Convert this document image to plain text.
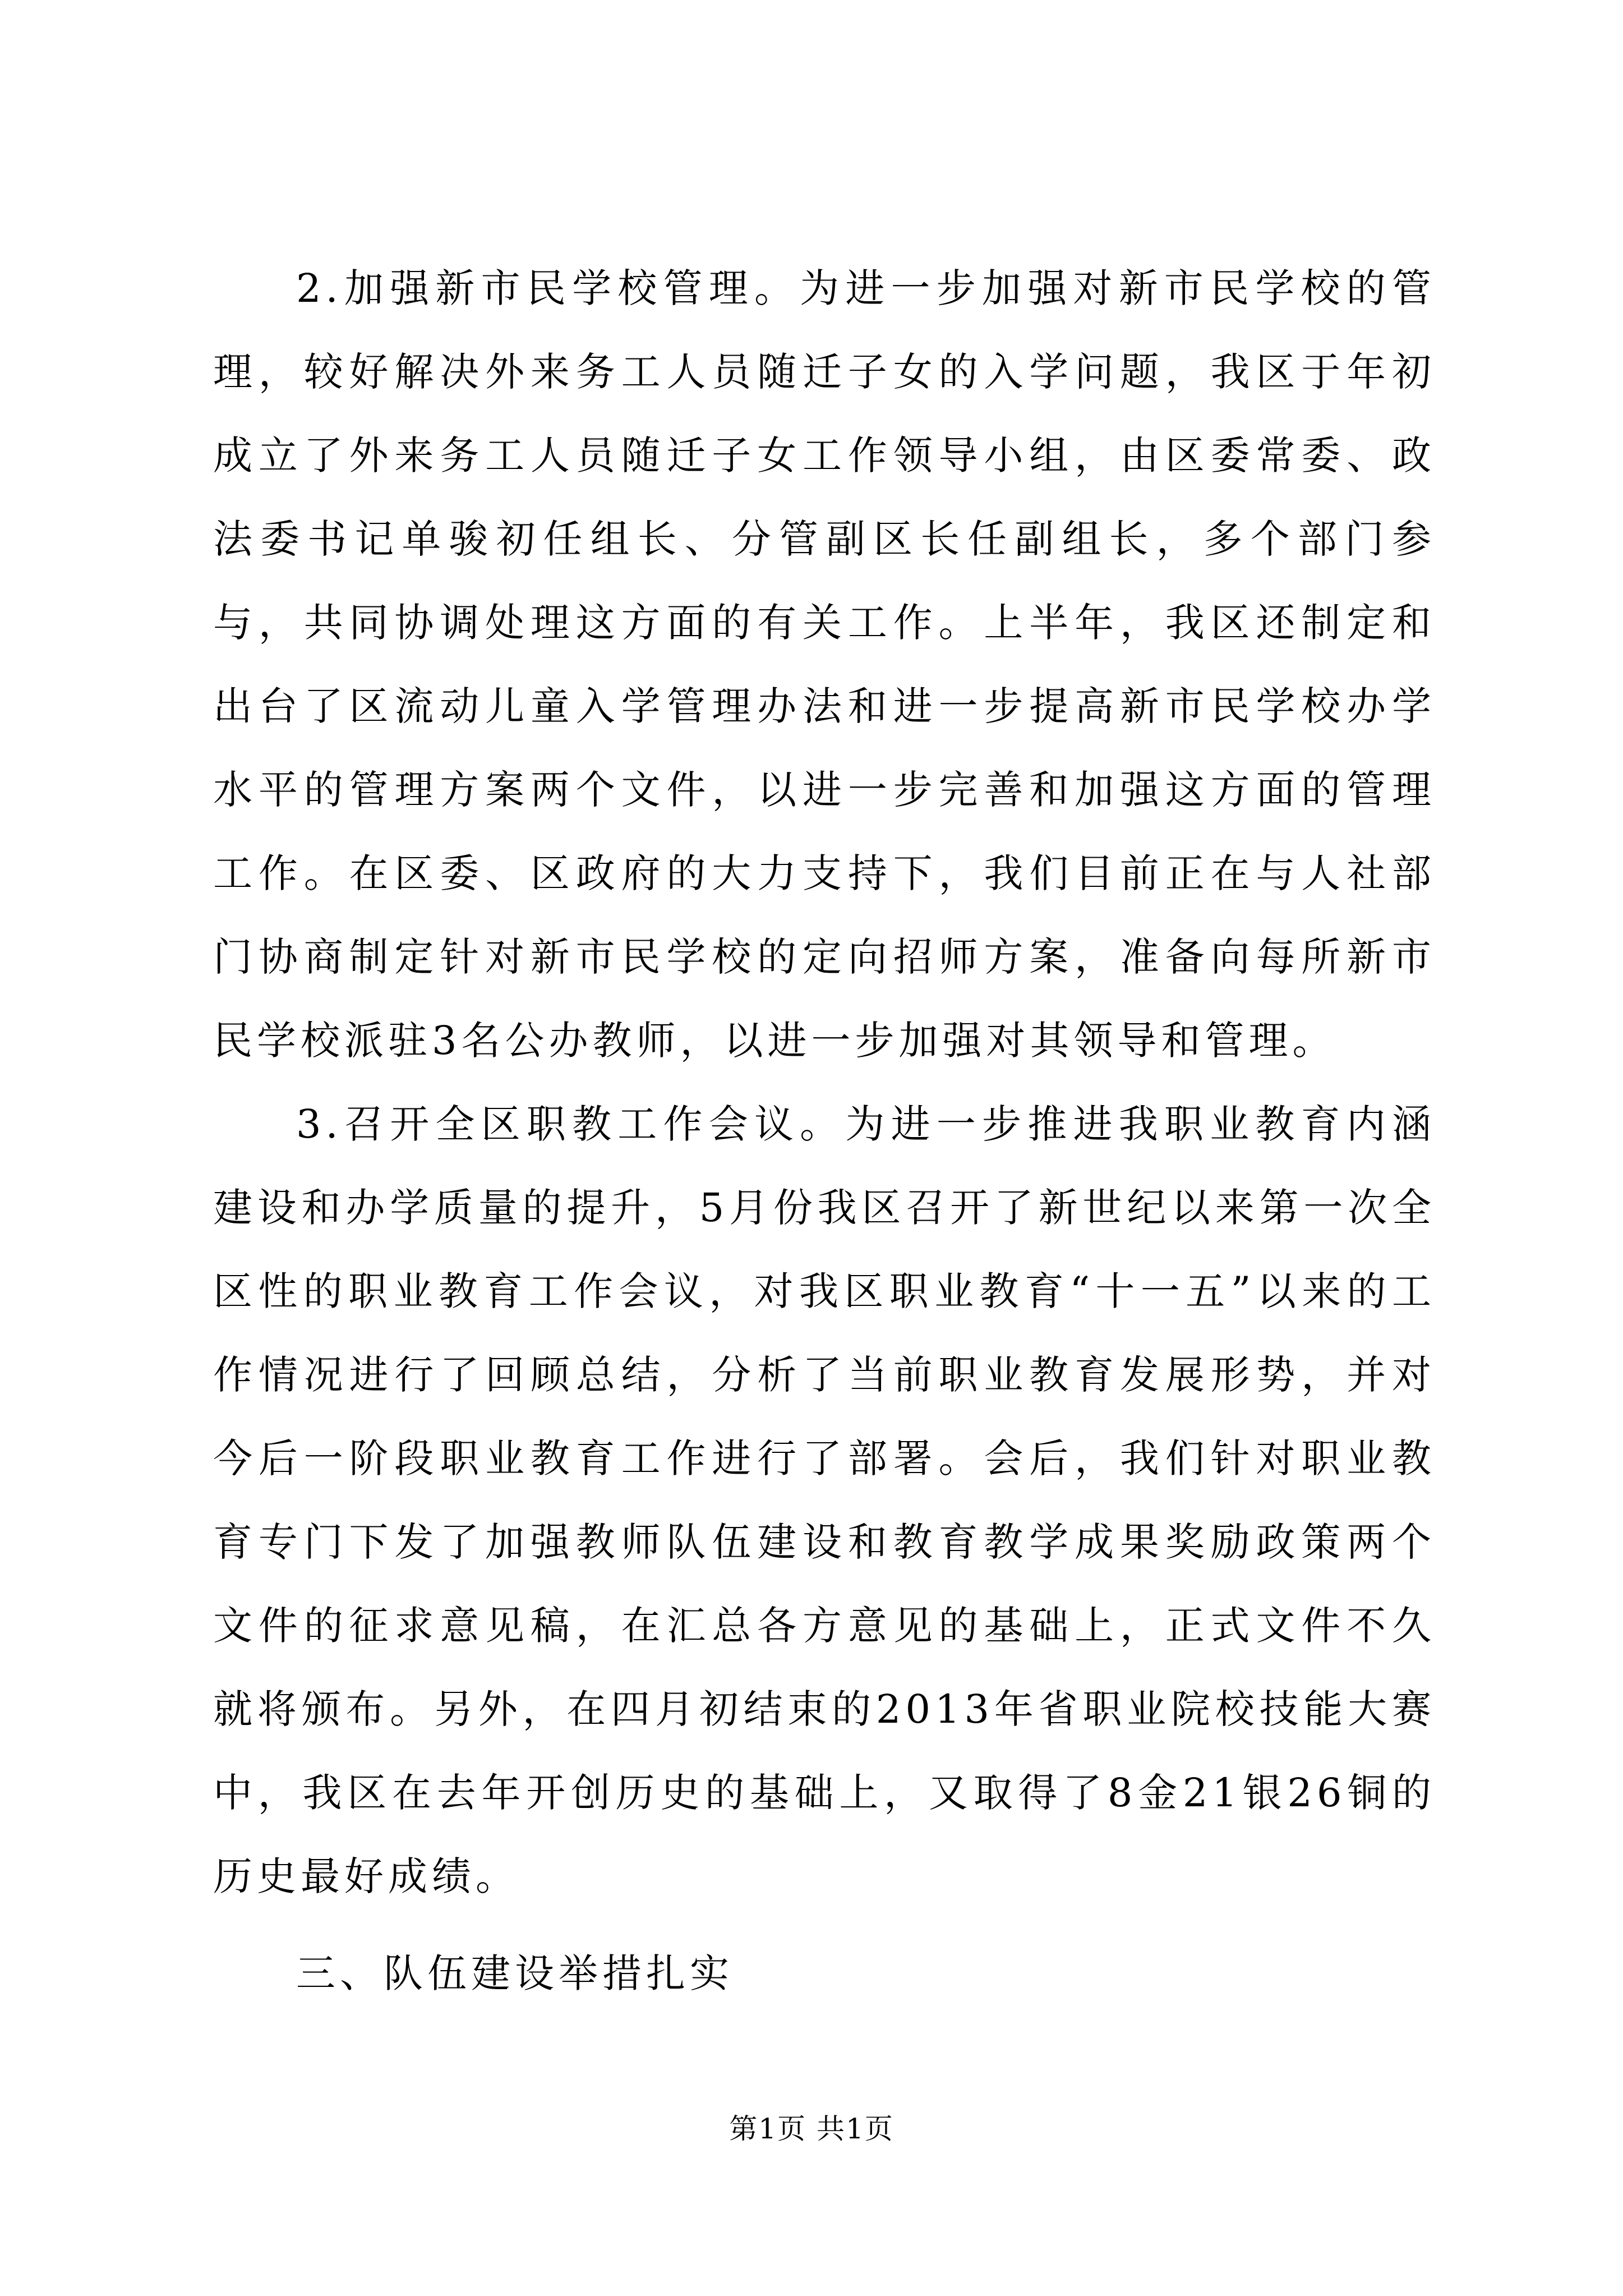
2.加强新市民学校管理。为进一步加强对新市民学校的管理，较好解决外来务工人员随迁子女的入学问题，我区于年初成立了外来务工人员随迁子女工作领导小组，由区委常委、政法委书记单骏初任组长、分管副区长任副组长，多个部门参与，共同协调处理这方面的有关工作。上半年，我区还制定和出台了区流动儿童入学管理办法和进一步提高新市民学校办学水平的管理方案两个文件，以进一步完善和加强这方面的管理工作。在区委、区政府的大力支持下，我们目前正在与人社部门协商制定针对新市民学校的定向招师方案，准备向每所新市民学校派驻3名公办教师，以进一步加强对其领导和管理。

3.召开全区职教工作会议。为进一步推进我职业教育内涵建设和办学质量的提升，5月份我区召开了新世纪以来第一次全区性的职业教育工作会议，对我区职业教育“十一五”以来的工作情况进行了回顾总结，分析了当前职业教育发展形势，并对今后一阶段职业教育工作进行了部署。会后，我们针对职业教育专门下发了加强教师队伍建设和教育教学成果奖励政策两个文件的征求意见稿，在汇总各方意见的基础上，正式文件不久就将颁布。另外，在四月初结束的2013年省职业院校技能大赛中，我区在去年开创历史的基础上，又取得了8金21银26铜的历史最好成绩。

三、队伍建设举措扎实

第1页 共1页
